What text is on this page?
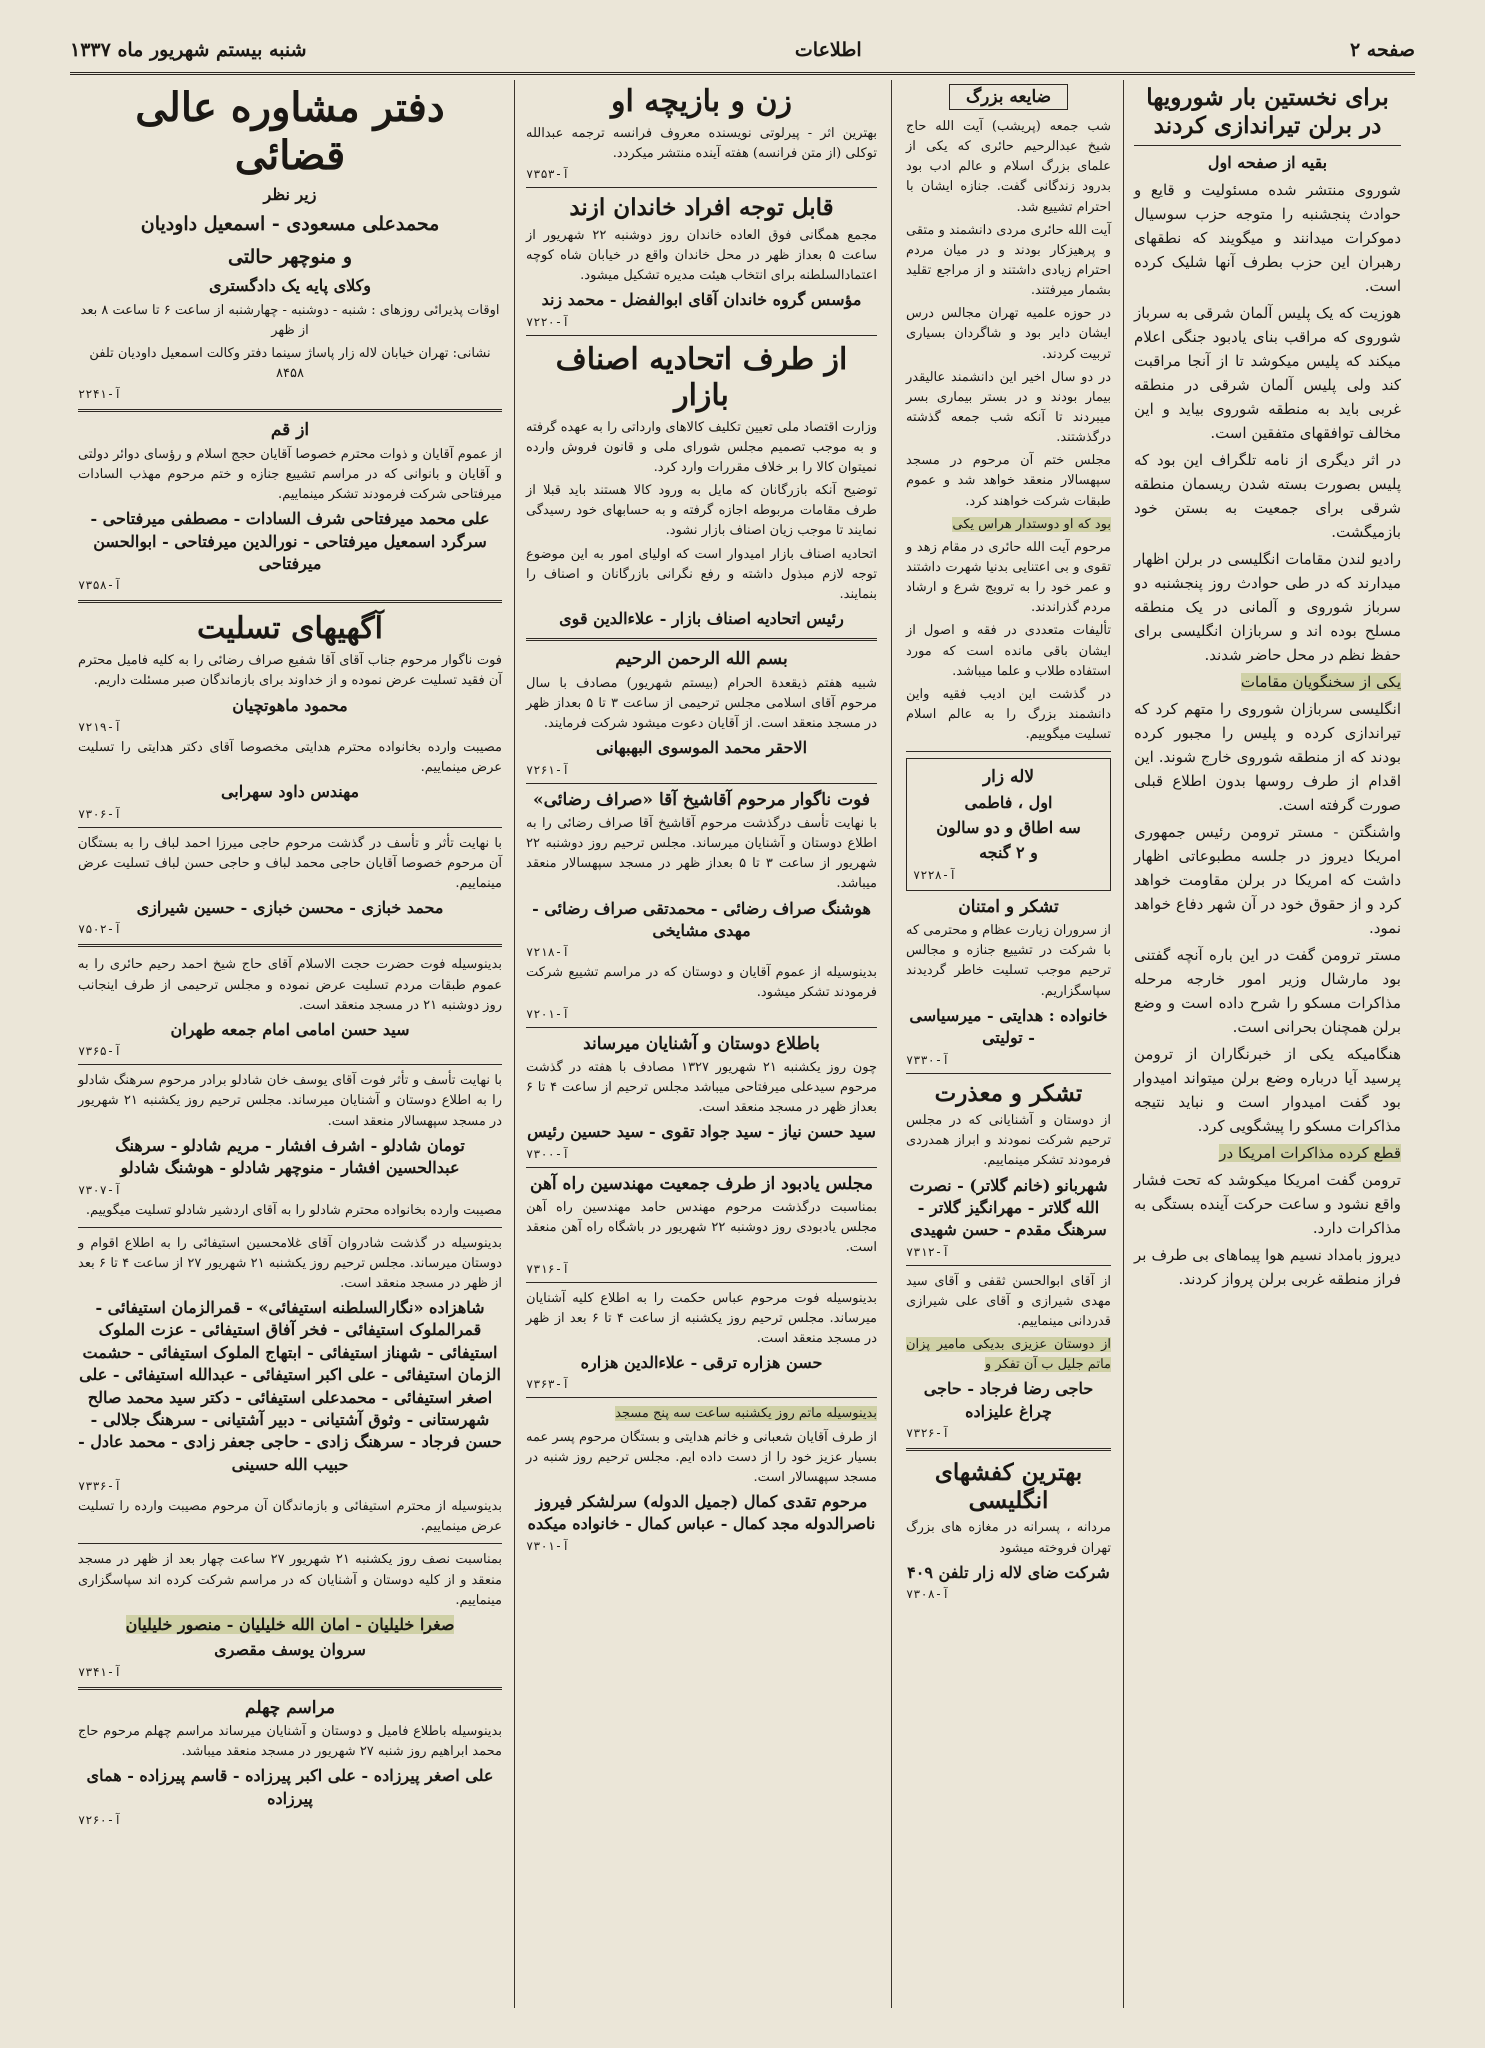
صفحه ۲
اطلاعات
شنبه بیستم شهریور ماه ۱۳۳۷
برای نخستین بار شورویها در برلن تیراندازی کردند
بقیه از صفحه اول

شوروی منتشر شده مسئولیت و قایع و حوادث پنجشنبه را متوجه حزب سوسیال دموکرات میدانند و میگویند که نطقهای رهبران این حزب بطرف آنها شلیک کرده است.

هوزیت که یک پلیس آلمان شرقی به سرباز شوروی که مراقب بنای یادبود جنگی اعلام میکند که پلیس میکوشد تا از آنجا مراقبت کند ولی پلیس آلمان شرقی در منطقه غربی باید به منطقه شوروی بیاید و این مخالف توافقهای متفقین است.

در اثر دیگری از نامه تلگراف این بود که پلیس بصورت بسته شدن ریسمان منطقه شرقی برای جمعیت به بستن خود بازمیگشت.

رادیو لندن مقامات انگلیسی در برلن اظهار میدارند که در طی حوادث روز پنجشنبه دو سرباز شوروی و آلمانی در یک منطقه مسلح بوده اند و سربازان انگلیسی برای حفظ نظم در محل حاضر شدند.

یکی از سخنگویان مقامات

انگلیسی سربازان شوروی را متهم کرد که تیراندازی کرده و پلیس را مجبور کرده بودند که از منطقه شوروی خارج شوند. این اقدام از طرف روسها بدون اطلاع قبلی صورت گرفته است.

واشنگتن - مستر ترومن رئیس جمهوری امریکا دیروز در جلسه مطبوعاتی اظهار داشت که امریکا در برلن مقاومت خواهد کرد و از حقوق خود در آن شهر دفاع خواهد نمود.

مستر ترومن گفت در این باره آنچه گفتنی بود مارشال وزیر امور خارجه مرحله مذاکرات مسکو را شرح داده است و وضع برلن همچنان بحرانی است.

هنگامیکه یکی از خبرنگاران از ترومن پرسید آیا درباره وضع برلن میتواند امیدوار بود گفت امیدوار است و نباید نتیجه مذاکرات مسکو را پیشگویی کرد.

قطع کرده مذاکرات امریکا در

ترومن گفت امریکا میکوشد که تحت فشار واقع نشود و ساعت حرکت آینده بستگی به مذاکرات دارد.

دیروز بامداد نسیم هوا پیماهای بی طرف بر فراز منطقه غربی برلن پرواز کردند.

ضایعه بزرگ

شب جمعه (پریشب) آیت الله حاج شیخ عبدالرحیم حائری که یکی از علمای بزرگ اسلام و عالم ادب بود بدرود زندگانی گفت. جنازه ایشان با احترام تشییع شد.

آیت الله حائری مردی دانشمند و متقی و پرهیزکار بودند و در میان مردم احترام زیادی داشتند و از مراجع تقلید بشمار میرفتند.

در حوزه علمیه تهران مجالس درس ایشان دایر بود و شاگردان بسیاری تربیت کردند.

در دو سال اخیر این دانشمند عالیقدر بیمار بودند و در بستر بیماری بسر میبردند تا آنکه شب جمعه گذشته درگذشتند.

مجلس ختم آن مرحوم در مسجد سپهسالار منعقد خواهد شد و عموم طبقات شرکت خواهند کرد.

بود که او دوستدار هراس یکی

مرحوم آیت الله حائری در مقام زهد و تقوی و بی اعتنایی بدنیا شهرت داشتند و عمر خود را به ترویج شرع و ارشاد مردم گذراندند.

تألیفات متعددی در فقه و اصول از ایشان باقی مانده است که مورد استفاده طلاب و علما میباشد.

در گذشت این ادیب فقیه واین دانشمند بزرگ را به عالم اسلام تسلیت میگوییم.

لاله زار
اول ، فاطمی
سه اطاق و دو سالون
و ۲ گنجه
آ-۷۲۲۸
تشکر و امتنان

از سروران زیارت عظام و محترمی که با شرکت در تشییع جنازه و مجالس ترحیم موجب تسلیت خاطر گردیدند سپاسگزاریم.

خانواده : هدایتی - میرسیاسی - تولیتی
آ-۷۳۳۰
تشکر و معذرت

از دوستان و آشنایانی که در مجلس ترحیم شرکت نمودند و ابراز همدردی فرمودند تشکر مینماییم.

شهربانو (خانم گلاتر) - نصرت الله گلاتر - مهرانگیز گلاتر - سرهنگ مقدم - حسن شهیدی
آ-۷۳۱۲

از آقای ابوالحسن ثقفی و آقای سید مهدی شیرازی و آقای علی شیرازی قدردانی مینماییم.

از دوستان عزیزی بدیکی مامیر پزان ماتم جلیل ب آن تفکر و

حاجی رضا فرجاد - حاجی چراغ علیزاده
آ-۷۳۲۶
بهترین کفشهای انگلیسی

مردانه ، پسرانه در مغازه های بزرگ تهران فروخته میشود

شرکت ضای لاله زار تلفن ۴۰۹
آ-۷۳۰۸
زن و بازیچه او

بهترین اثر - پیرلوتی نویسنده معروف فرانسه ترجمه عبدالله توکلی (از متن فرانسه) هفته آینده منتشر میکردد.

آ-۷۳۵۳
قابل توجه افراد خاندان ازند

مجمع همگانی فوق العاده خاندان روز دوشنبه ۲۲ شهریور از ساعت ۵ بعداز ظهر در محل خاندان واقع در خیابان شاه کوچه اعتمادالسلطنه برای انتخاب هیئت مدیره تشکیل میشود.

مؤسس گروه خاندان آقای ابوالفضل - محمد زند
آ-۷۲۲۰
از طرف اتحادیه اصناف بازار

وزارت اقتصاد ملی تعیین تکلیف کالاهای وارداتی را به عهده گرفته و به موجب تصمیم مجلس شورای ملی و قانون فروش وارده نمیتوان کالا را بر خلاف مقررات وارد کرد.

توضیح آنکه بازرگانان که مایل به ورود کالا هستند باید قبلا از طرف مقامات مربوطه اجازه گرفته و به حسابهای خود رسیدگی نمایند تا موجب زیان اصناف بازار نشود.

اتحادیه اصناف بازار امیدوار است که اولیای امور به این موضوع توجه لازم مبذول داشته و رفع نگرانی بازرگانان و اصناف را بنمایند.

رئیس اتحادیه اصناف بازار - علاءالدین قوی
بسم الله الرحمن الرحیم

شبیه هفتم ذیقعدة الحرام (بیستم شهریور) مصادف با سال مرحوم آقای اسلامی مجلس ترحیمی از ساعت ۳ تا ۵ بعداز ظهر در مسجد منعقد است. از آقایان دعوت میشود شرکت فرمایند.

الاحقر محمد الموسوی البهبهانی
آ-۷۲۶۱
فوت ناگوار مرحوم آقاشیخ آقا «صراف رضائی»

با نهایت تأسف درگذشت مرحوم آقاشیخ آقا صراف رضائی را به اطلاع دوستان و آشنایان میرساند. مجلس ترحیم روز دوشنبه ۲۲ شهریور از ساعت ۳ تا ۵ بعداز ظهر در مسجد سپهسالار منعقد میباشد.

هوشنگ صراف رضائی - محمدتقی صراف رضائی - مهدی مشایخی
آ-۷۲۱۸

بدینوسیله از عموم آقایان و دوستان که در مراسم تشییع شرکت فرمودند تشکر میشود.

آ-۷۲۰۱
باطلاع دوستان و آشنایان میرساند

چون روز یکشنبه ۲۱ شهریور ۱۳۲۷ مصادف با هفته در گذشت مرحوم سیدعلی میرفتاحی میباشد مجلس ترحیم از ساعت ۴ تا ۶ بعداز ظهر در مسجد منعقد است.

سید حسن نیاز - سید جواد تقوی - سید حسین رئیس
آ-۷۳۰۰
مجلس یادبود از طرف جمعیت مهندسین راه آهن

بمناسبت درگذشت مرحوم مهندس حامد مهندسین راه آهن مجلس یادبودی روز دوشنبه ۲۲ شهریور در باشگاه راه آهن منعقد است.

آ-۷۳۱۶

بدینوسیله فوت مرحوم عباس حکمت را به اطلاع کلیه آشنایان میرساند. مجلس ترحیم روز یکشنبه از ساعت ۴ تا ۶ بعد از ظهر در مسجد منعقد است.

حسن هزاره ترقی - علاءالدین هزاره
آ-۷۳۶۳

بدینوسیله ماتم روز یکشنبه ساعت سه پنج مسجد

از طرف آقایان شعبانی و خانم هدایتی و بستگان مرحوم پسر عمه بسیار عزیز خود را از دست داده ایم. مجلس ترحیم روز شنبه در مسجد سپهسالار است.

مرحوم تقدی کمال (جمیل الدوله) سرلشکر فیروز ناصرالدوله مجد کمال - عباس کمال - خانواده میکده
آ-۷۳۰۱
دفتر مشاوره عالی قضائی
زیر نظر
محمدعلی مسعودی - اسمعیل داودیان
و منوچهر حالتی
وکلای پایه یک دادگستری

اوقات پذیرائی روزهای : شنبه - دوشنبه - چهارشنبه از ساعت ۶ تا ساعت ۸ بعد از ظهر

نشانی: تهران خیابان لاله زار پاساژ سینما دفتر وکالت اسمعیل داودیان تلفن ۸۴۵۸

آ-۲۲۴۱
از قم

از عموم آقایان و ذوات محترم خصوصا آقایان حجج اسلام و رؤسای دوائر دولتی و آقایان و بانوانی که در مراسم تشییع جنازه و ختم مرحوم مهذب السادات میرفتاحی شرکت فرمودند تشکر مینماییم.

علی محمد میرفتاحی شرف السادات - مصطفی میرفتاحی - سرگرد اسمعیل میرفتاحی - نورالدین میرفتاحی - ابوالحسن میرفتاحی
آ-۷۳۵۸
آگهیهای تسلیت

فوت ناگوار مرحوم جناب آقای آقا شفیع صراف رضائی را به کلیه فامیل محترم آن فقید تسلیت عرض نموده و از خداوند برای بازماندگان صبر مسئلت داریم.

محمود ماهوتچیان
آ-۷۲۱۹

مصیبت وارده بخانواده محترم هدایتی مخصوصا آقای دکتر هدایتی را تسلیت عرض مینماییم.

مهندس داود سهرابی
آ-۷۳۰۶

با نهایت تأثر و تأسف در گذشت مرحوم حاجی میرزا احمد لباف را به بستگان آن مرحوم خصوصا آقایان حاجی محمد لباف و حاجی حسن لباف تسلیت عرض مینماییم.

محمد خبازی - محسن خبازی - حسین شیرازی
آ-۷۵۰۲

بدینوسیله فوت حضرت حجت الاسلام آقای حاج شیخ احمد رحیم حائری را به عموم طبقات مردم تسلیت عرض نموده و مجلس ترحیمی از طرف اینجانب روز دوشنبه ۲۱ در مسجد منعقد است.

سید حسن امامی امام جمعه طهران
آ-۷۳۶۵

با نهایت تأسف و تأثر فوت آقای یوسف خان شادلو برادر مرحوم سرهنگ شادلو را به اطلاع دوستان و آشنایان میرساند. مجلس ترحیم روز یکشنبه ۲۱ شهریور در مسجد سپهسالار منعقد است.

تومان شادلو - اشرف افشار - مریم شادلو - سرهنگ عبدالحسین افشار - منوچهر شادلو - هوشنگ شادلو
آ-۷۳۰۷

مصیبت وارده بخانواده محترم شادلو را به آقای اردشیر شادلو تسلیت میگوییم.

بدینوسیله در گذشت شادروان آقای غلامحسین استیفائی را به اطلاع اقوام و دوستان میرساند. مجلس ترحیم روز یکشنبه ۲۱ شهریور ۲۷ از ساعت ۴ تا ۶ بعد از ظهر در مسجد منعقد است.

شاهزاده «نگارالسلطنه استیفائی» - قمرالزمان استیفائی - قمرالملوک استیفائی - فخر آفاق استیفائی - عزت الملوک استیفائی - شهناز استیفائی - ابتهاج الملوک استیفائی - حشمت الزمان استیفائی - علی اکبر استیفائی - عبدالله استیفائی - علی اصغر استیفائی - محمدعلی استیفائی - دکتر سید محمد صالح شهرستانی - وثوق آشتیانی - دبیر آشتیانی - سرهنگ جلالی - حسن فرجاد - سرهنگ زادی - حاجی جعفر زادی - محمد عادل - حبیب الله حسینی
آ-۷۳۳۶

بدینوسیله از محترم استیفائی و بازماندگان آن مرحوم مصیبت وارده را تسلیت عرض مینماییم.

بمناسبت نصف روز یکشنبه ۲۱ شهریور ۲۷ ساعت چهار بعد از ظهر در مسجد منعقد و از کلیه دوستان و آشنایان که در مراسم شرکت کرده اند سپاسگزاری مینماییم.

صغرا خلیلیان - امان الله خلیلیان - منصور خلیلیان
سروان یوسف مقصری
آ-۷۳۴۱
مراسم چهلم

بدینوسیله باطلاع فامیل و دوستان و آشنایان میرساند مراسم چهلم مرحوم حاج محمد ابراهیم روز شنبه ۲۷ شهریور در مسجد منعقد میباشد.

علی اصغر پیرزاده - علی اکبر پیرزاده - قاسم پیرزاده - همای پیرزاده
آ-۷۲۶۰
